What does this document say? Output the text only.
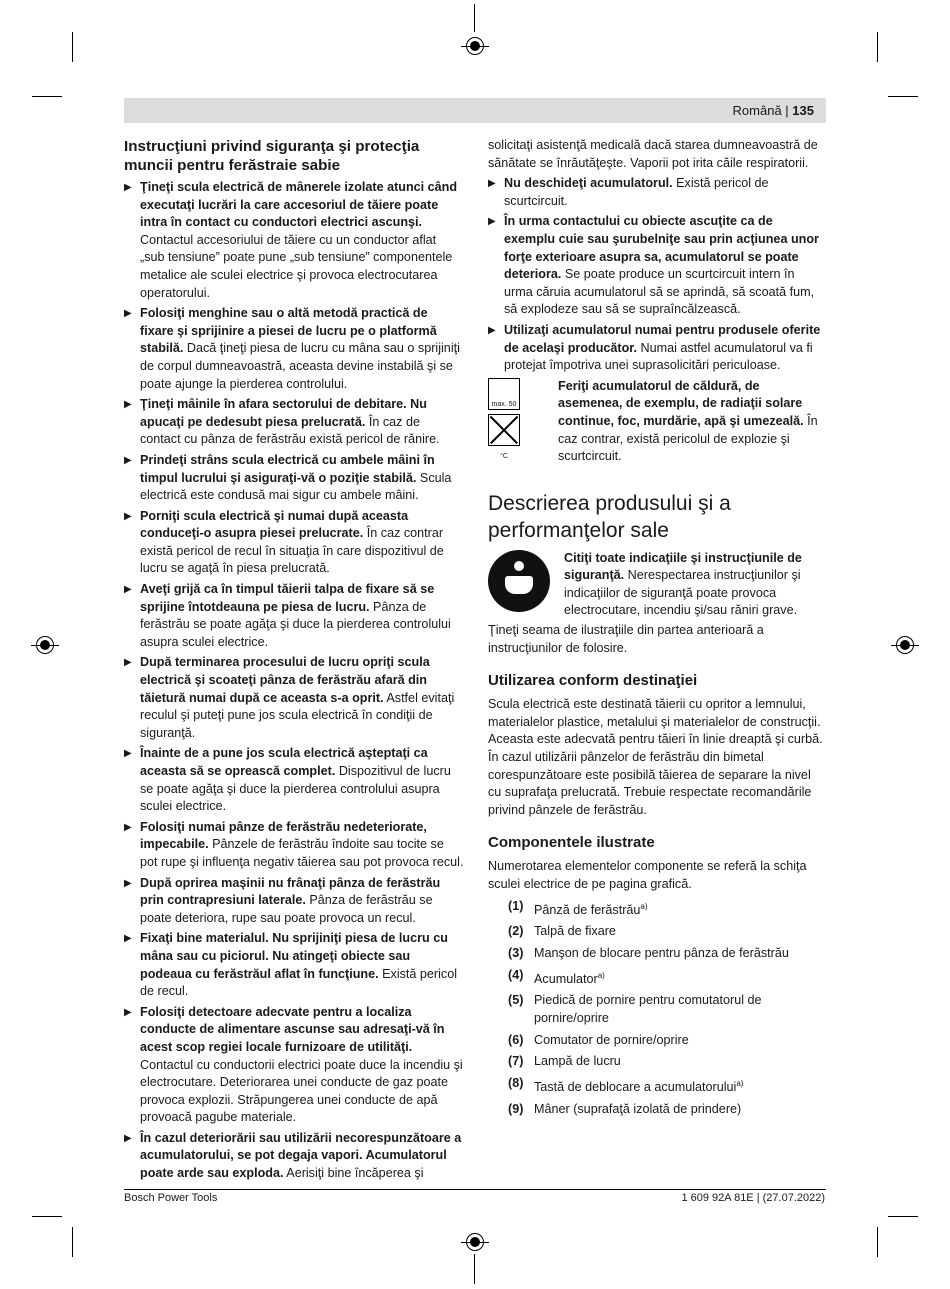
Română | 135
Instrucţiuni privind siguranţa şi protecţia muncii pentru ferăstraie sabie

▶ Ţineţi scula electrică de mânerele izolate atunci când executaţi lucrări la care accesoriul de tăiere poate intra în contact cu conductori electrici ascunşi. Contactul accesoriului de tăiere cu un conductor aflat „sub tensiune” poate pune „sub tensiune” componentele metalice ale sculei electrice şi provoca electrocutarea operatorului.

▶ Folosiţi menghine sau o altă metodă practică de fixare şi sprijinire a piesei de lucru pe o platformă stabilă. Dacă ţineţi piesa de lucru cu mâna sau o sprijiniţi de corpul dumneavoastră, aceasta devine instabilă şi se poate ajunge la pierderea controlului.

▶ Ţineţi mâinile în afara sectorului de debitare. Nu apucaţi pe dedesubt piesa prelucrată. În caz de contact cu pânza de ferăstrău există pericol de rănire.

▶ Prindeţi strâns scula electrică cu ambele mâini în timpul lucrului şi asiguraţi-vă o poziţie stabilă. Scula electrică este condusă mai sigur cu ambele mâini.

▶ Porniţi scula electrică şi numai după aceasta conduceţi-o asupra piesei prelucrate. În caz contrar există pericol de recul în situaţia în care dispozitivul de lucru se agaţă în piesa prelucrată.

▶ Aveţi grijă ca în timpul tăierii talpa de fixare să se sprijine întotdeauna pe piesa de lucru. Pânza de ferăstrău se poate agăţa şi duce la pierderea controlului asupra sculei electrice.

▶ După terminarea procesului de lucru opriţi scula electrică şi scoateţi pânza de ferăstrău afară din tăietură numai după ce aceasta s-a oprit. Astfel evitaţi reculul şi puteţi pune jos scula electrică în condiţii de siguranţă.

▶ Înainte de a pune jos scula electrică aşteptaţi ca aceasta să se oprească complet. Dispozitivul de lucru se poate agăţa şi duce la pierderea controlului asupra sculei electrice.

▶ Folosiţi numai pânze de ferăstrău nedeteriorate, impecabile. Pânzele de ferăstrău îndoite sau tocite se pot rupe şi influenţa negativ tăierea sau pot provoca recul.

▶ După oprirea maşinii nu frânaţi pânza de ferăstrău prin contrapresiuni laterale. Pânza de ferăstrău se poate deteriora, rupe sau poate provoca un recul.

▶ Fixaţi bine materialul. Nu sprijiniţi piesa de lucru cu mâna sau cu piciorul. Nu atingeţi obiecte sau podeaua cu ferăstrăul aflat în funcţiune. Există pericol de recul.

▶ Folosiţi detectoare adecvate pentru a localiza conducte de alimentare ascunse sau adresaţi-vă în acest scop regiei locale furnizoare de utilităţi. Contactul cu conductorii electrici poate duce la incendiu şi electrocutare. Deteriorarea unei conducte de gaz poate provoca explozii. Străpungerea unei conducte de apă provoacă pagube materiale.

▶ În cazul deteriorării sau utilizării necorespunzătoare a acumulatorului, se pot degaja vapori. Acumulatorul poate arde sau exploda. Aerisiţi bine încăperea şi

solicitaţi asistenţă medicală dacă starea dumneavoastră de sănătate se înrăutăţeşte. Vaporii pot irita căile respiratorii.

▶ Nu deschideţi acumulatorul. Există pericol de scurtcircuit.

▶ În urma contactului cu obiecte ascuţite ca de exemplu cuie sau şurubelniţe sau prin acţiunea unor forţe exterioare asupra sa, acumulatorul se poate deteriora. Se poate produce un scurtcircuit intern în urma căruia acumulatorul să se aprindă, să scoată fum, să explodeze sau să se supraîncălzească.

▶ Utilizaţi acumulatorul numai pentru produsele oferite de acelaşi producător. Numai astfel acumulatorul va fi protejat împotriva unei suprasolicitări periculoase.

max. 50 °C

Feriţi acumulatorul de căldură, de asemenea, de exemplu, de radiaţii solare continue, foc, murdărie, apă şi umezeală. În caz contrar, există pericolul de explozie şi scurtcircuit.

Descrierea produsului şi a performanţelor sale

Citiţi toate indicaţiile şi instrucţiunile de siguranţă. Nerespectarea instrucţiunilor şi indicaţiilor de siguranţă poate provoca electrocutare, incendiu şi/sau răniri grave.

Ţineţi seama de ilustraţiile din partea anterioară a instrucţiunilor de folosire.

Utilizarea conform destinaţiei

Scula electrică este destinată tăierii cu opritor a lemnului, materialelor plastice, metalului şi materialelor de construcţii. Aceasta este adecvată pentru tăieri în linie dreaptă şi curbă. În cazul utilizării pânzelor de ferăstrău din bimetal corespunzătoare este posibilă tăierea de separare la nivel cu suprafaţa prelucrată. Trebuie respectate recomandările privind pânzele de ferăstrău.

Componentele ilustrate

Numerotarea elementelor componente se referă la schiţa sculei electrice de pe pagina grafică.

(1) Pânză de ferăstrău$^{a)}$
(2) Talpă de fixare
(3) Manşon de blocare pentru pânza de ferăstrău
(4) Acumulator$^{a)}$
(5) Piedică de pornire pentru comutatorul de pornire/oprire
(6) Comutator de pornire/oprire
(7) Lampă de lucru
(8) Tastă de deblocare a acumulatorului$^{a)}$
(9) Mâner (suprafaţă izolată de prindere)
Bosch Power Tools	1 609 92A 81E | (27.07.2022)
